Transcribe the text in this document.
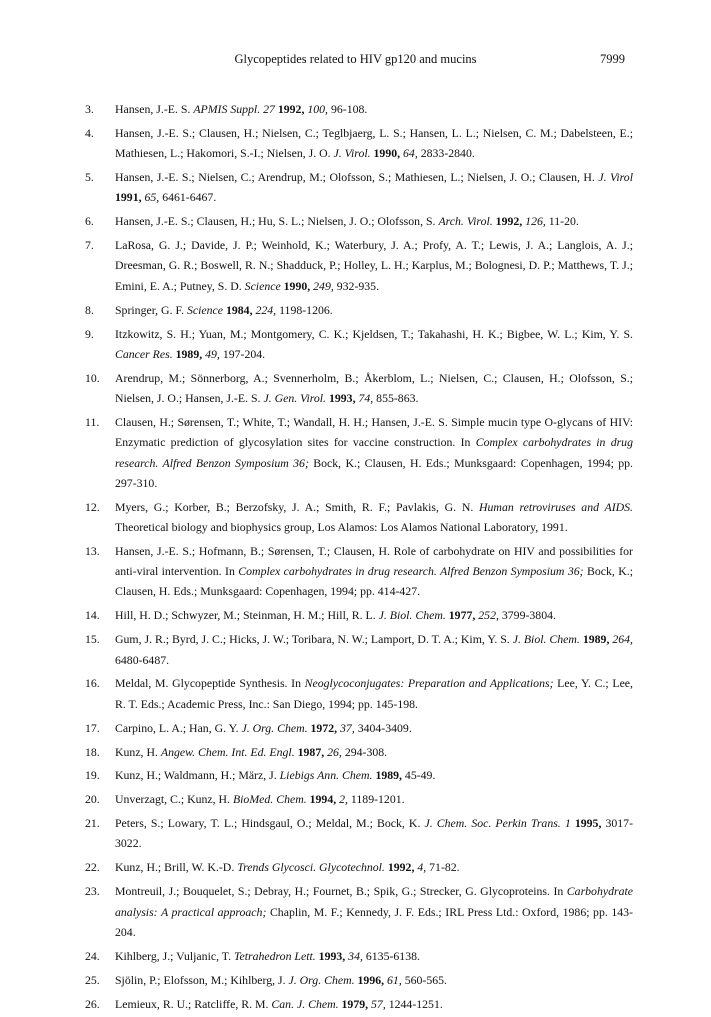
Glycopeptides related to HIV gp120 and mucins	7999
3. Hansen, J.-E. S. APMIS Suppl. 27 1992, 100, 96-108.
4. Hansen, J.-E. S.; Clausen, H.; Nielsen, C.; Teglbjaerg, L. S.; Hansen, L. L.; Nielsen, C. M.; Dabelsteen, E.; Mathiesen, L.; Hakomori, S.-I.; Nielsen, J. O. J. Virol. 1990, 64, 2833-2840.
5. Hansen, J.-E. S.; Nielsen, C.; Arendrup, M.; Olofsson, S.; Mathiesen, L.; Nielsen, J. O.; Clausen, H. J. Virol 1991, 65, 6461-6467.
6. Hansen, J.-E. S.; Clausen, H.; Hu, S. L.; Nielsen, J. O.; Olofsson, S. Arch. Virol. 1992, 126, 11-20.
7. LaRosa, G. J.; Davide, J. P.; Weinhold, K.; Waterbury, J. A.; Profy, A. T.; Lewis, J. A.; Langlois, A. J.; Dreesman, G. R.; Boswell, R. N.; Shadduck, P.; Holley, L. H.; Karplus, M.; Bolognesi, D. P.; Matthews, T. J.; Emini, E. A.; Putney, S. D. Science 1990, 249, 932-935.
8. Springer, G. F. Science 1984, 224, 1198-1206.
9. Itzkowitz, S. H.; Yuan, M.; Montgomery, C. K.; Kjeldsen, T.; Takahashi, H. K.; Bigbee, W. L.; Kim, Y. S. Cancer Res. 1989, 49, 197-204.
10. Arendrup, M.; Sönnerborg, A.; Svennerholm, B.; Åkerblom, L.; Nielsen, C.; Clausen, H.; Olofsson, S.; Nielsen, J. O.; Hansen, J.-E. S. J. Gen. Virol. 1993, 74, 855-863.
11. Clausen, H.; Sørensen, T.; White, T.; Wandall, H. H.; Hansen, J.-E. S. Simple mucin type O-glycans of HIV: Enzymatic prediction of glycosylation sites for vaccine construction. In Complex carbohydrates in drug research. Alfred Benzon Symposium 36; Bock, K.; Clausen, H. Eds.; Munksgaard: Copenhagen, 1994; pp. 297-310.
12. Myers, G.; Korber, B.; Berzofsky, J. A.; Smith, R. F.; Pavlakis, G. N. Human retroviruses and AIDS. Theoretical biology and biophysics group, Los Alamos: Los Alamos National Laboratory, 1991.
13. Hansen, J.-E. S.; Hofmann, B.; Sørensen, T.; Clausen, H. Role of carbohydrate on HIV and possibilities for anti-viral intervention. In Complex carbohydrates in drug research. Alfred Benzon Symposium 36; Bock, K.; Clausen, H. Eds.; Munksgaard: Copenhagen, 1994; pp. 414-427.
14. Hill, H. D.; Schwyzer, M.; Steinman, H. M.; Hill, R. L. J. Biol. Chem. 1977, 252, 3799-3804.
15. Gum, J. R.; Byrd, J. C.; Hicks, J. W.; Toribara, N. W.; Lamport, D. T. A.; Kim, Y. S. J. Biol. Chem. 1989, 264, 6480-6487.
16. Meldal, M. Glycopeptide Synthesis. In Neoglycoconjugates: Preparation and Applications; Lee, Y. C.; Lee, R. T. Eds.; Academic Press, Inc.: San Diego, 1994; pp. 145-198.
17. Carpino, L. A.; Han, G. Y. J. Org. Chem. 1972, 37, 3404-3409.
18. Kunz, H. Angew. Chem. Int. Ed. Engl. 1987, 26, 294-308.
19. Kunz, H.; Waldmann, H.; März, J. Liebigs Ann. Chem. 1989, 45-49.
20. Unverzagt, C.; Kunz, H. BioMed. Chem. 1994, 2, 1189-1201.
21. Peters, S.; Lowary, T. L.; Hindsgaul, O.; Meldal, M.; Bock, K. J. Chem. Soc. Perkin Trans. 1 1995, 3017-3022.
22. Kunz, H.; Brill, W. K.-D. Trends Glycosci. Glycotechnol. 1992, 4, 71-82.
23. Montreuil, J.; Bouquelet, S.; Debray, H.; Fournet, B.; Spik, G.; Strecker, G. Glycoproteins. In Carbohydrate analysis: A practical approach; Chaplin, M. F.; Kennedy, J. F. Eds.; IRL Press Ltd.: Oxford, 1986; pp. 143-204.
24. Kihlberg, J.; Vuljanic, T. Tetrahedron Lett. 1993, 34, 6135-6138.
25. Sjölin, P.; Elofsson, M.; Kihlberg, J. J. Org. Chem. 1996, 61, 560-565.
26. Lemieux, R. U.; Ratcliffe, R. M. Can. J. Chem. 1979, 57, 1244-1251.
